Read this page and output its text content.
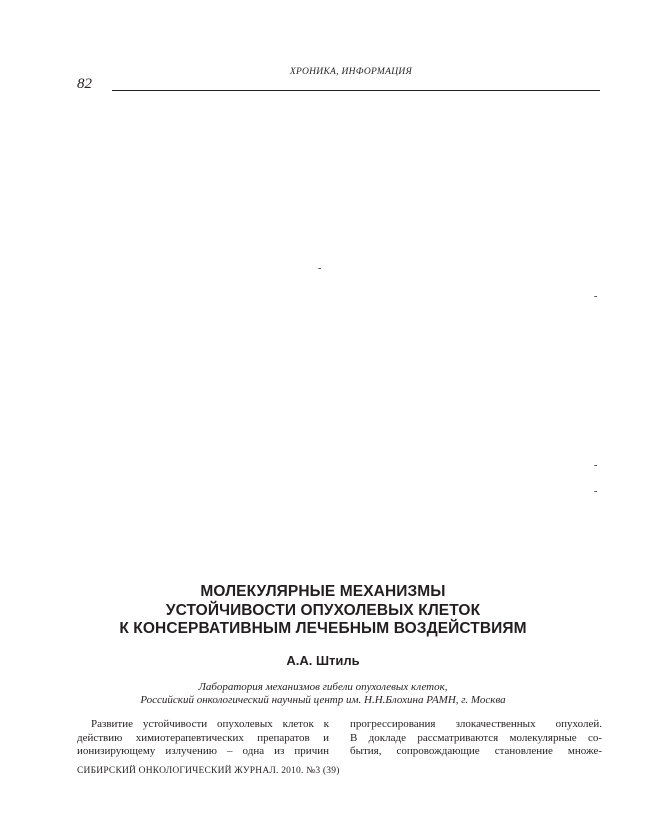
ХРОНИКА, ИНФОРМАЦИЯ
82
-
-
-
-
МОЛЕКУЛЯРНЫЕ МЕХАНИЗМЫ
УСТОЙЧИВОСТИ ОПУХОЛЕВЫХ КЛЕТОК
К КОНСЕРВАТИВНЫМ ЛЕЧЕБНЫМ ВОЗДЕЙСТВИЯМ
А.А. Штиль
Лаборатория механизмов гибели опухолевых клеток,
Российский онкологический научный центр им. Н.Н.Блохина РАМН, г. Москва
Развитие устойчивости опухолевых клеток к
действию химиотерапевтических препаратов и
ионизирующему излучению – одна из причин
прогрессирования злокачественных опухолей.
В докладе рассматриваются молекулярные со-
бытия, сопровождающие становление множе-
СИБИРСКИЙ ОНКОЛОГИЧЕСКИЙ ЖУРНАЛ. 2010. №3 (39)
